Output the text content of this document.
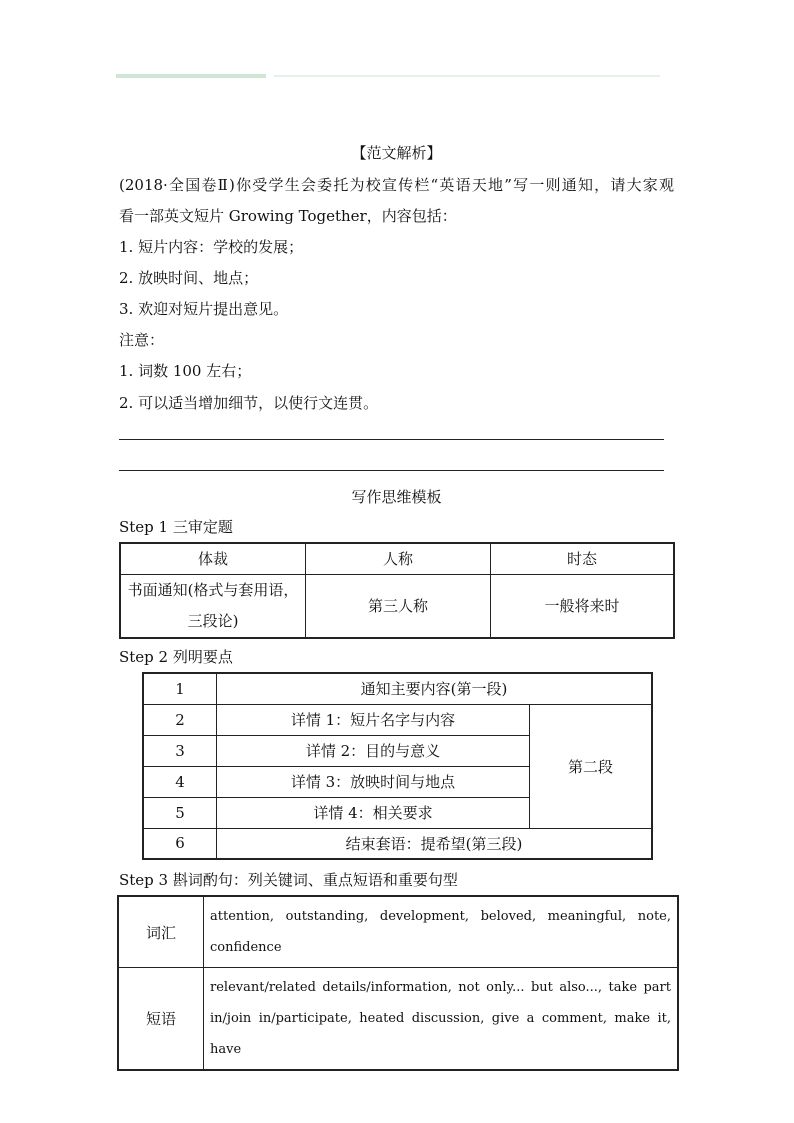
【范文解析】
(2018·全国卷Ⅱ)你受学生会委托为校宣传栏“英语天地”写一则通知，请大家观
看一部英文短片 Growing Together，内容包括：
1. 短片内容：学校的发展；
2. 放映时间、地点；
3. 欢迎对短片提出意见。
注意：
1. 词数 100 左右；
2. 可以适当增加细节，以使行文连贯。
写作思维模板
Step 1 三审定题
体裁	人称	时态
书面通知(格式与套用语，三段论)	第三人称	一般将来时
Step 2 列明要点
1	通知主要内容(第一段)	
2	详情 1：短片名字与内容	第二段
3	详情 2：目的与意义	
4	详情 3：放映时间与地点	
5	详情 4：相关要求	
6	结束套语：提希望(第三段)	
Step 3 斟词酌句：列关键词、重点短语和重要句型
词汇	attention, outstanding, development, beloved, meaningful, note, confidence
短语	relevant/related details/information, not only... but also..., take part in/join in/participate, heated discussion, give a comment, make it, have
